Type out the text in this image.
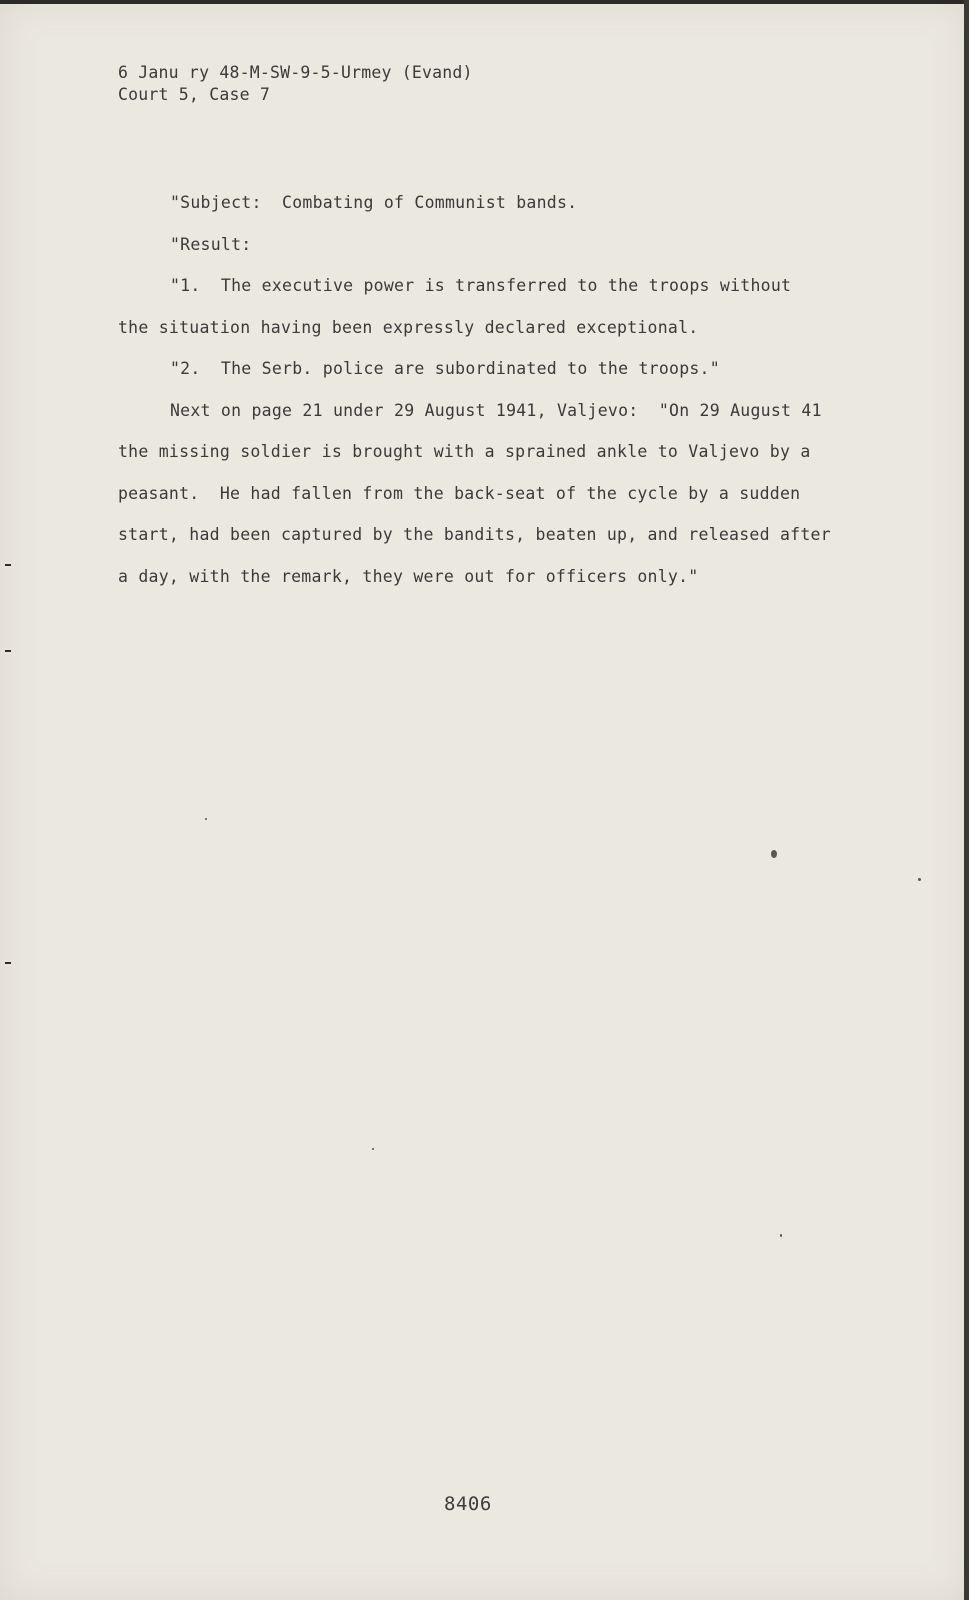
6 Janu ry 48-M-SW-9-5-Urmey (Evand)
Court 5, Case 7
"Subject:  Combating of Communist bands.
"Result:
"1.  The executive power is transferred to the troops without
the situation having been expressly declared exceptional.
"2.  The Serb. police are subordinated to the troops."
Next on page 21 under 29 August 1941, Valjevo:  "On 29 August 41
the missing soldier is brought with a sprained ankle to Valjevo by a
peasant.  He had fallen from the back-seat of the cycle by a sudden
start, had been captured by the bandits, beaten up, and released after
a day, with the remark, they were out for officers only."
8406
